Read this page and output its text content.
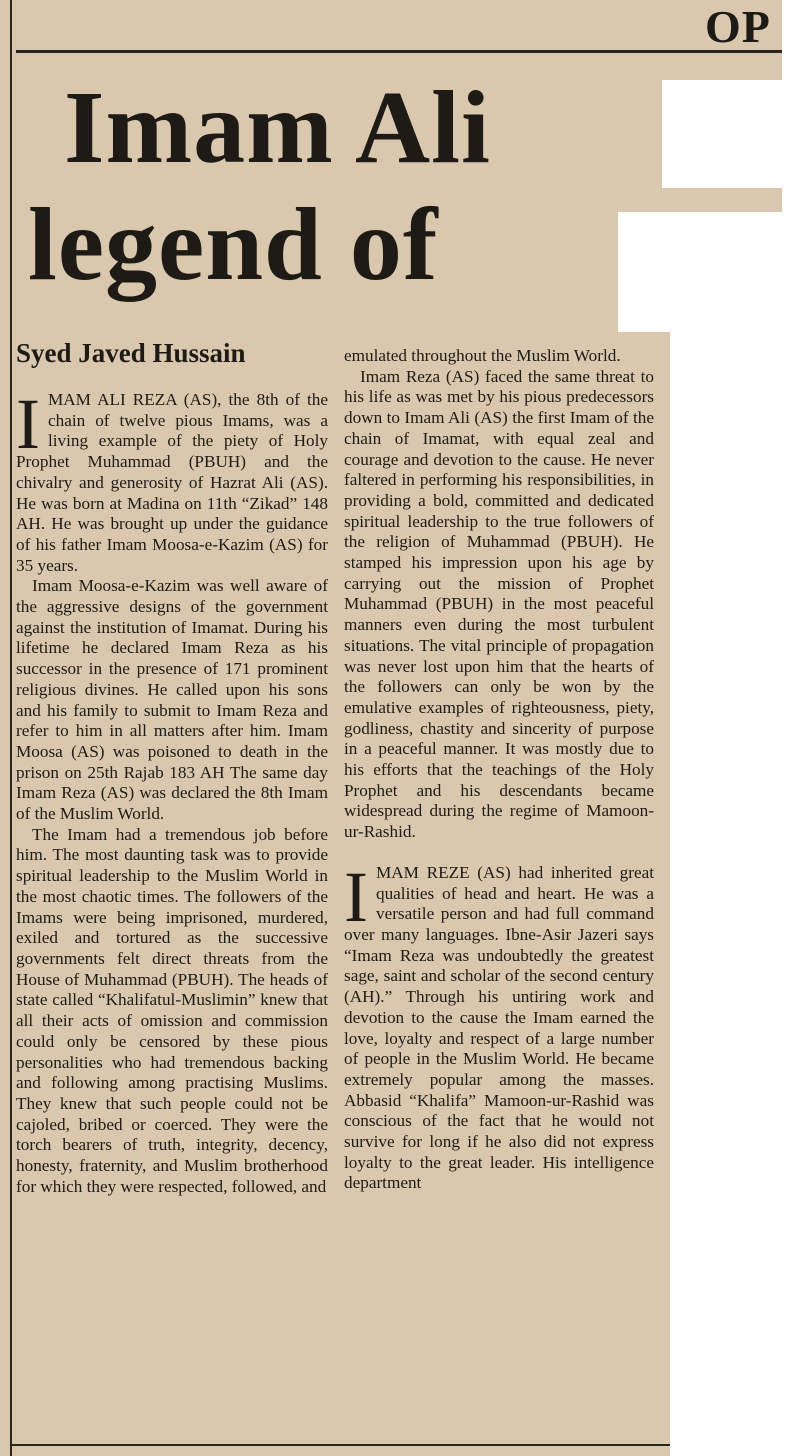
OP
Imam Ali
legend of
Syed Javed Hussain

IMAM ALI REZA (AS), the 8th of the chain of twelve pious Imams, was a living example of the piety of Holy Prophet Muhammad (PBUH) and the chivalry and generosity of Hazrat Ali (AS). He was born at Madina on 11th “Zikad” 148 AH. He was brought up under the guidance of his father Imam Moosa-e-Kazim (AS) for 35 years.

Imam Moosa-e-Kazim was well aware of the aggressive designs of the government against the institution of Imamat. During his lifetime he declared Imam Reza as his successor in the presence of 171 prominent religious divines. He called upon his sons and his family to submit to Imam Reza and refer to him in all matters after him. Imam Moosa (AS) was poisoned to death in the prison on 25th Rajab 183 AH The same day Imam Reza (AS) was declared the 8th Imam of the Muslim World.

The Imam had a tremendous job before him. The most daunting task was to provide spiritual leadership to the Muslim World in the most chaotic times. The followers of the Imams were being imprisoned, murdered, exiled and tortured as the successive governments felt direct threats from the House of Muhammad (PBUH). The heads of state called “Khalifatul-Muslimin” knew that all their acts of omission and commission could only be censored by these pious personalities who had tremendous backing and following among practising Muslims. They knew that such people could not be cajoled, bribed or coerced. They were the torch bearers of truth, integrity, decency, honesty, fraternity, and Muslim brotherhood for which they were respected, followed, and

emulated throughout the Muslim World.

Imam Reza (AS) faced the same threat to his life as was met by his pious predecessors down to Imam Ali (AS) the first Imam of the chain of Imamat, with equal zeal and courage and devotion to the cause. He never faltered in performing his responsibilities, in providing a bold, committed and dedicated spiritual leadership to the true followers of the religion of Muhammad (PBUH). He stamped his impression upon his age by carrying out the mission of Prophet Muhammad (PBUH) in the most peaceful manners even during the most turbulent situations. The vital principle of propagation was never lost upon him that the hearts of the followers can only be won by the emulative examples of righteousness, piety, godliness, chastity and sincerity of purpose in a peaceful manner. It was mostly due to his efforts that the teachings of the Holy Prophet and his descendants became widespread during the regime of Mamoon-ur-Rashid.

IMAM REZE (AS) had inherited great qualities of head and heart. He was a versatile person and had full command over many languages. Ibne-Asir Jazeri says “Imam Reza was undoubtedly the greatest sage, saint and scholar of the second century (AH).” Through his untiring work and devotion to the cause the Imam earned the love, loyalty and respect of a large number of people in the Muslim World. He became extremely popular among the masses. Abbasid “Khalifa” Mamoon-ur-Rashid was conscious of the fact that he would not survive for long if he also did not express loyalty to the great leader. His intelligence department
